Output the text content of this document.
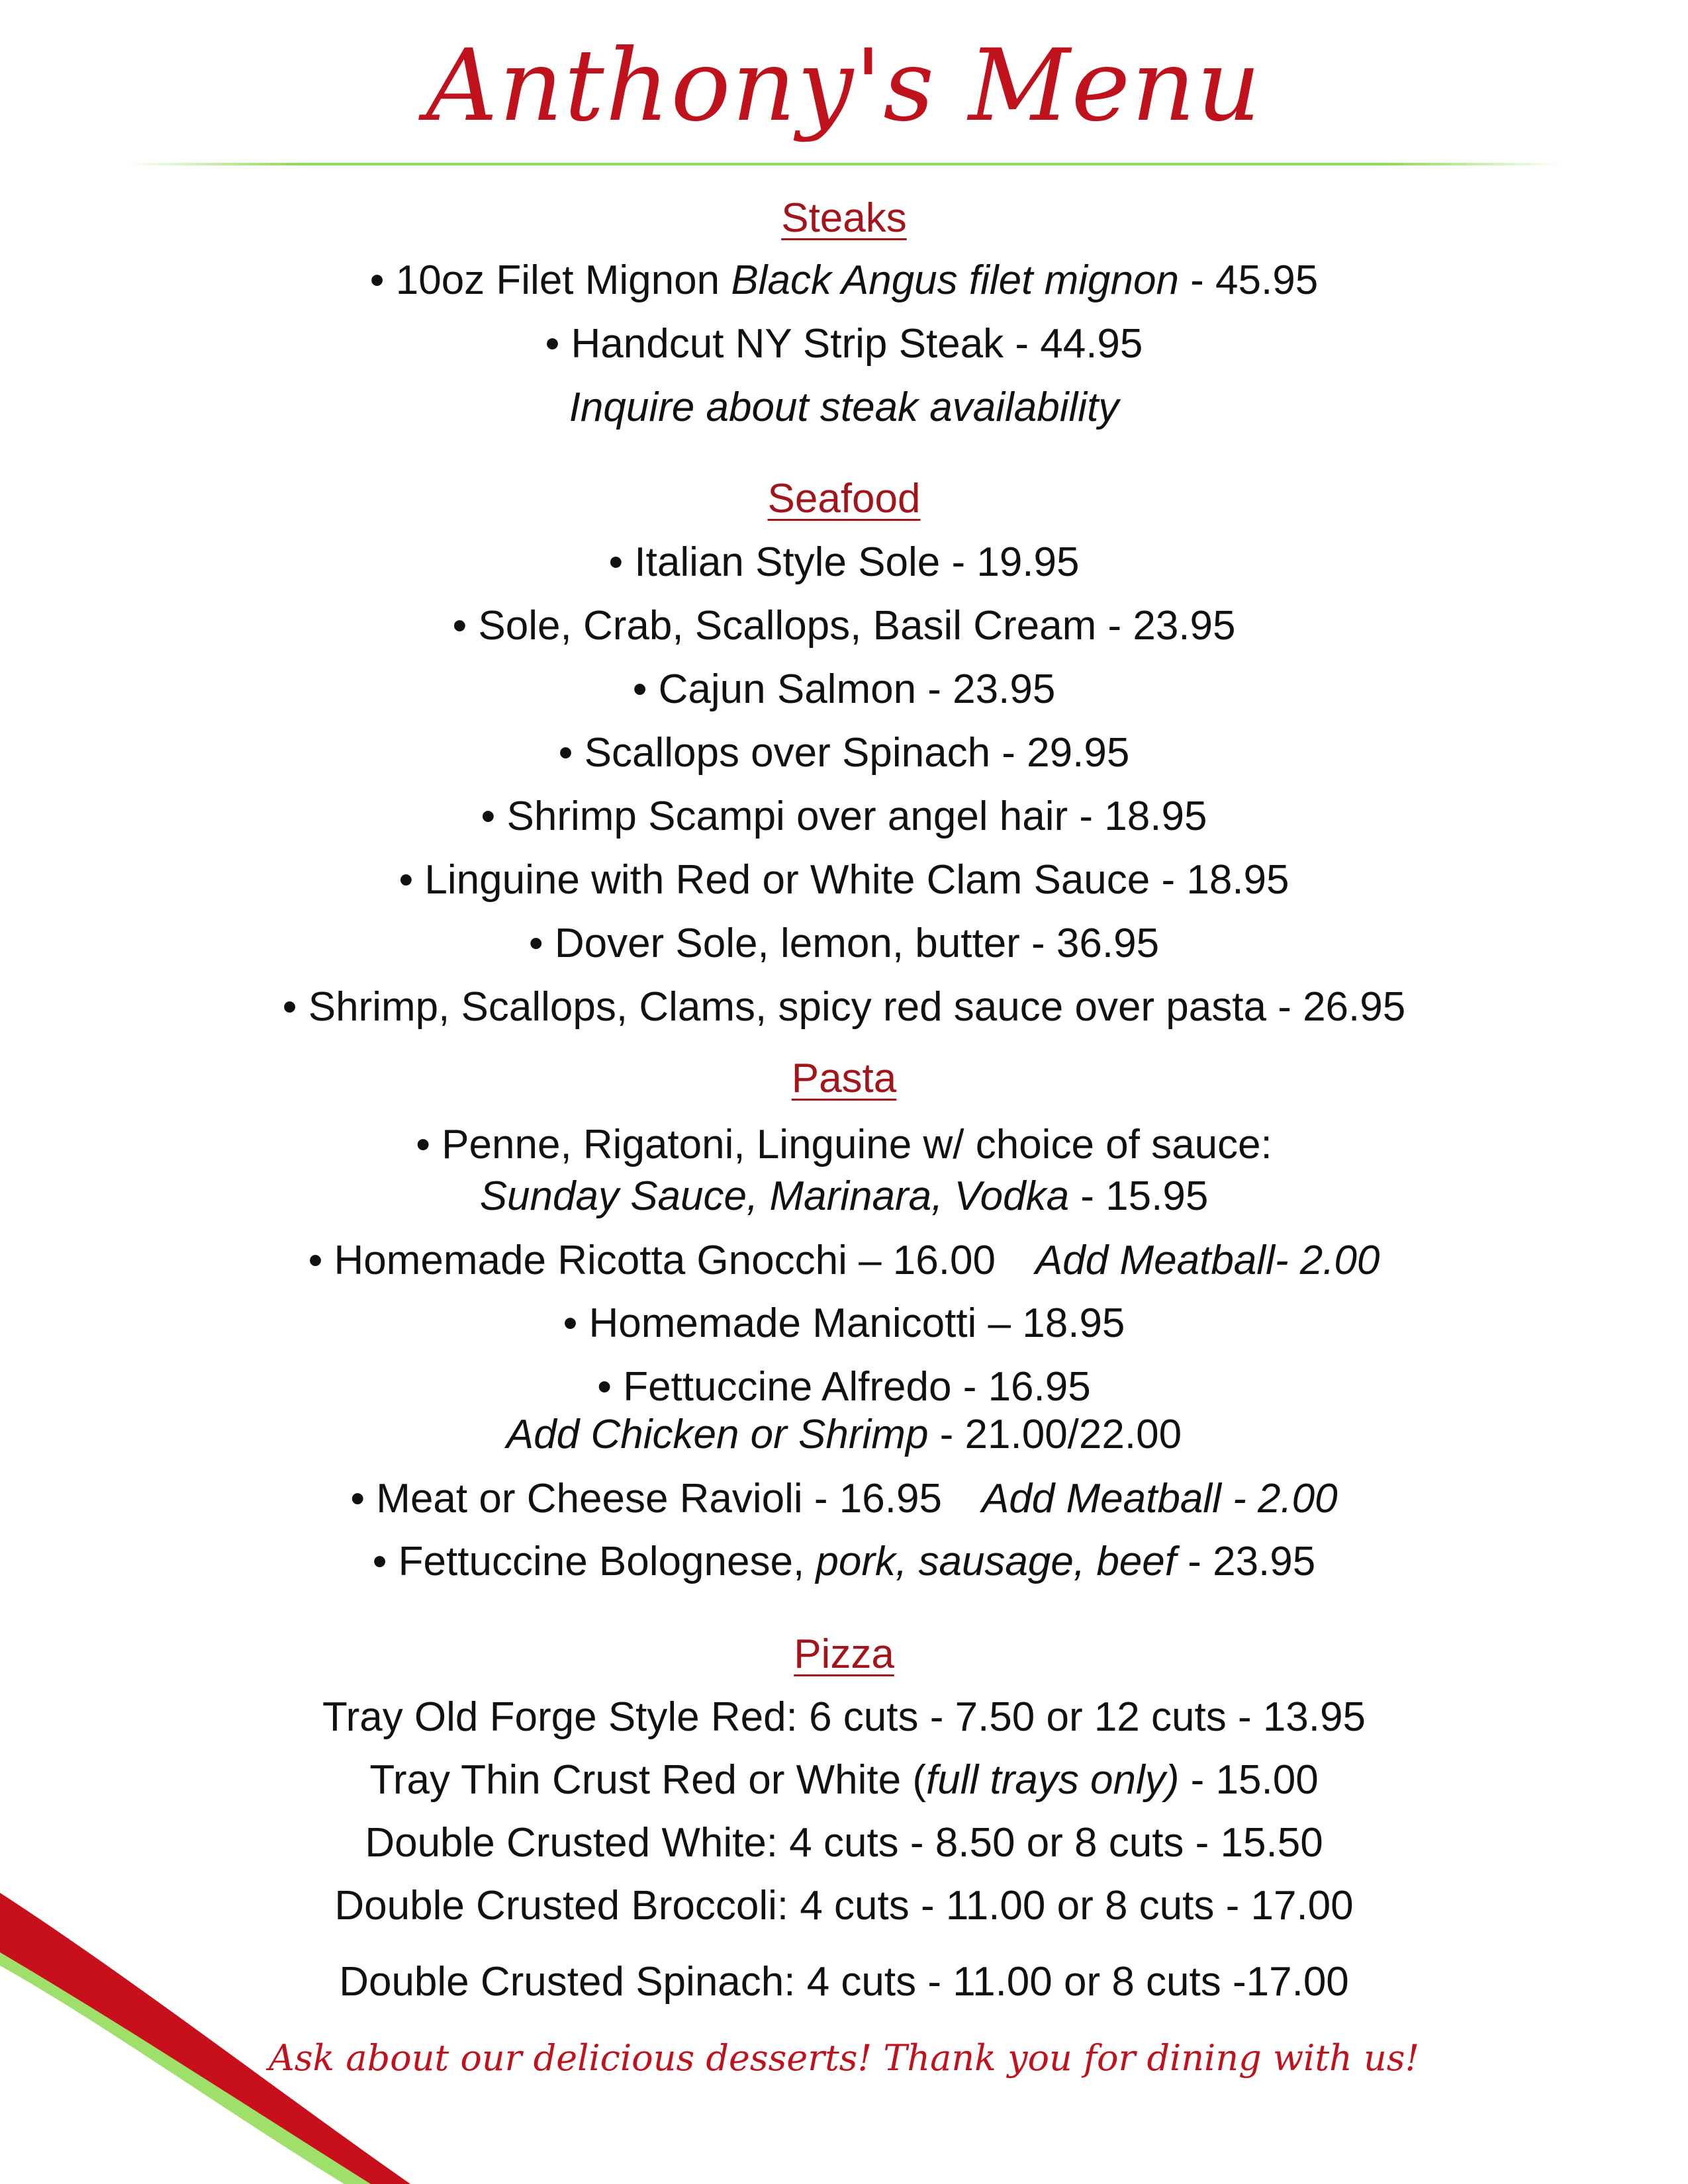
Anthony's Menu
Steaks
• 10oz Filet Mignon Black Angus filet mignon - 45.95
• Handcut NY Strip Steak - 44.95
Inquire about steak availability
Seafood
• Italian Style Sole - 19.95
• Sole, Crab, Scallops, Basil Cream - 23.95
• Cajun Salmon - 23.95
• Scallops over Spinach - 29.95
• Shrimp Scampi over angel hair - 18.95
• Linguine with Red or White Clam Sauce - 18.95
• Dover Sole, lemon, butter - 36.95
• Shrimp, Scallops, Clams, spicy red sauce over pasta - 26.95
Pasta
• Penne, Rigatoni, Linguine w/ choice of sauce:
Sunday Sauce, Marinara, Vodka - 15.95
• Homemade Ricotta Gnocchi – 16.00 Add Meatball- 2.00
• Homemade Manicotti – 18.95
• Fettuccine Alfredo - 16.95
Add Chicken or Shrimp - 21.00/22.00
• Meat or Cheese Ravioli - 16.95 Add Meatball - 2.00
• Fettuccine Bolognese, pork, sausage, beef - 23.95
Pizza
Tray Old Forge Style Red: 6 cuts - 7.50 or 12 cuts - 13.95
Tray Thin Crust Red or White (full trays only) - 15.00
Double Crusted White: 4 cuts - 8.50 or 8 cuts - 15.50
Double Crusted Broccoli: 4 cuts - 11.00 or 8 cuts - 17.00
Double Crusted Spinach: 4 cuts - 11.00 or 8 cuts -17.00
Ask about our delicious desserts! Thank you for dining with us!
